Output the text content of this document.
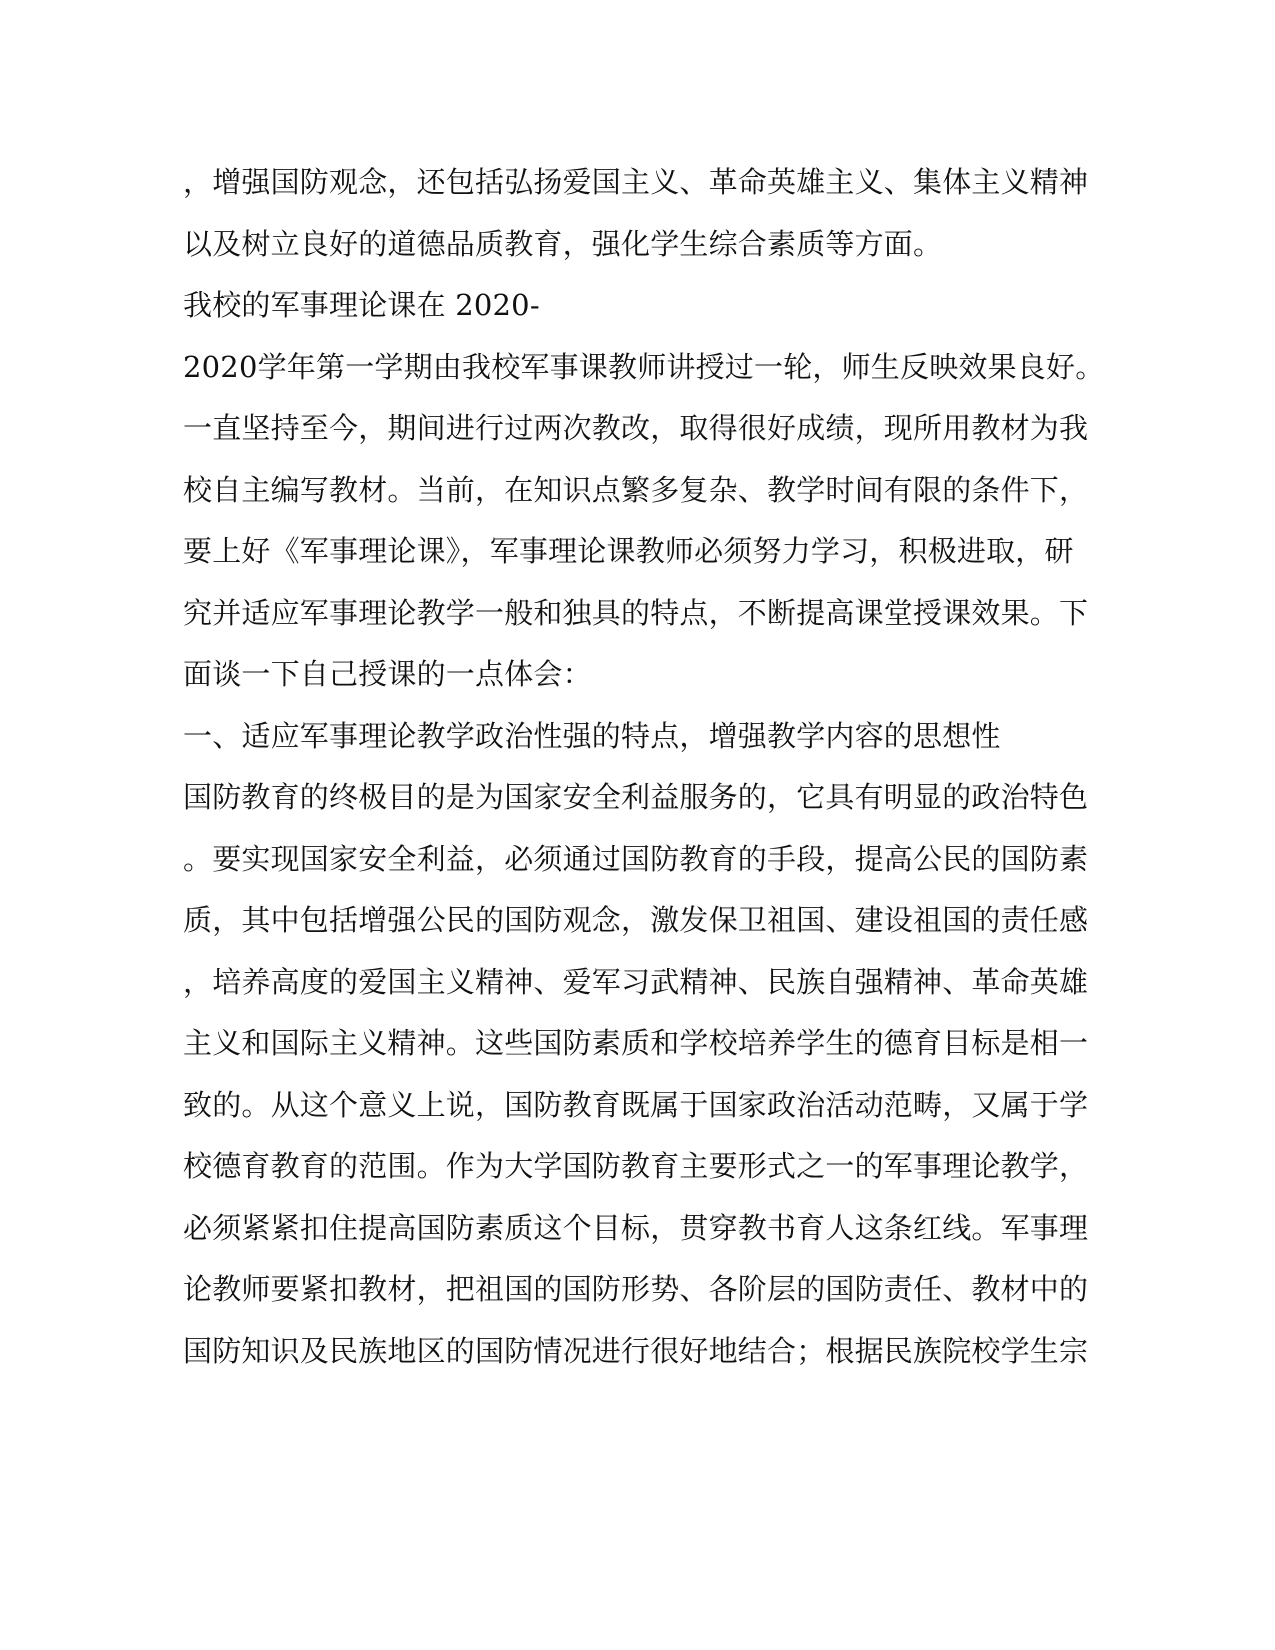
，增强国防观念，还包括弘扬爱国主义、革命英雄主义、集体主义精神
以及树立良好的道德品质教育，强化学生综合素质等方面。
我校的军事理论课在 2020-
2020学年第一学期由我校军事课教师讲授过一轮，师生反映效果良好。
一直坚持至今，期间进行过两次教改，取得很好成绩，现所用教材为我
校自主编写教材。当前，在知识点繁多复杂、教学时间有限的条件下，
要上好《军事理论课》，军事理论课教师必须努力学习，积极进取，研
究并适应军事理论教学一般和独具的特点，不断提高课堂授课效果。下
面谈一下自己授课的一点体会：
一、适应军事理论教学政治性强的特点，增强教学内容的思想性
国防教育的终极目的是为国家安全利益服务的，它具有明显的政治特色
。要实现国家安全利益，必须通过国防教育的手段，提高公民的国防素
质，其中包括增强公民的国防观念，激发保卫祖国、建设祖国的责任感
，培养高度的爱国主义精神、爱军习武精神、民族自强精神、革命英雄
主义和国际主义精神。这些国防素质和学校培养学生的德育目标是相一
致的。从这个意义上说，国防教育既属于国家政治活动范畴，又属于学
校德育教育的范围。作为大学国防教育主要形式之一的军事理论教学，
必须紧紧扣住提高国防素质这个目标，贯穿教书育人这条红线。军事理
论教师要紧扣教材，把祖国的国防形势、各阶层的国防责任、教材中的
国防知识及民族地区的国防情况进行很好地结合；根据民族院校学生宗
